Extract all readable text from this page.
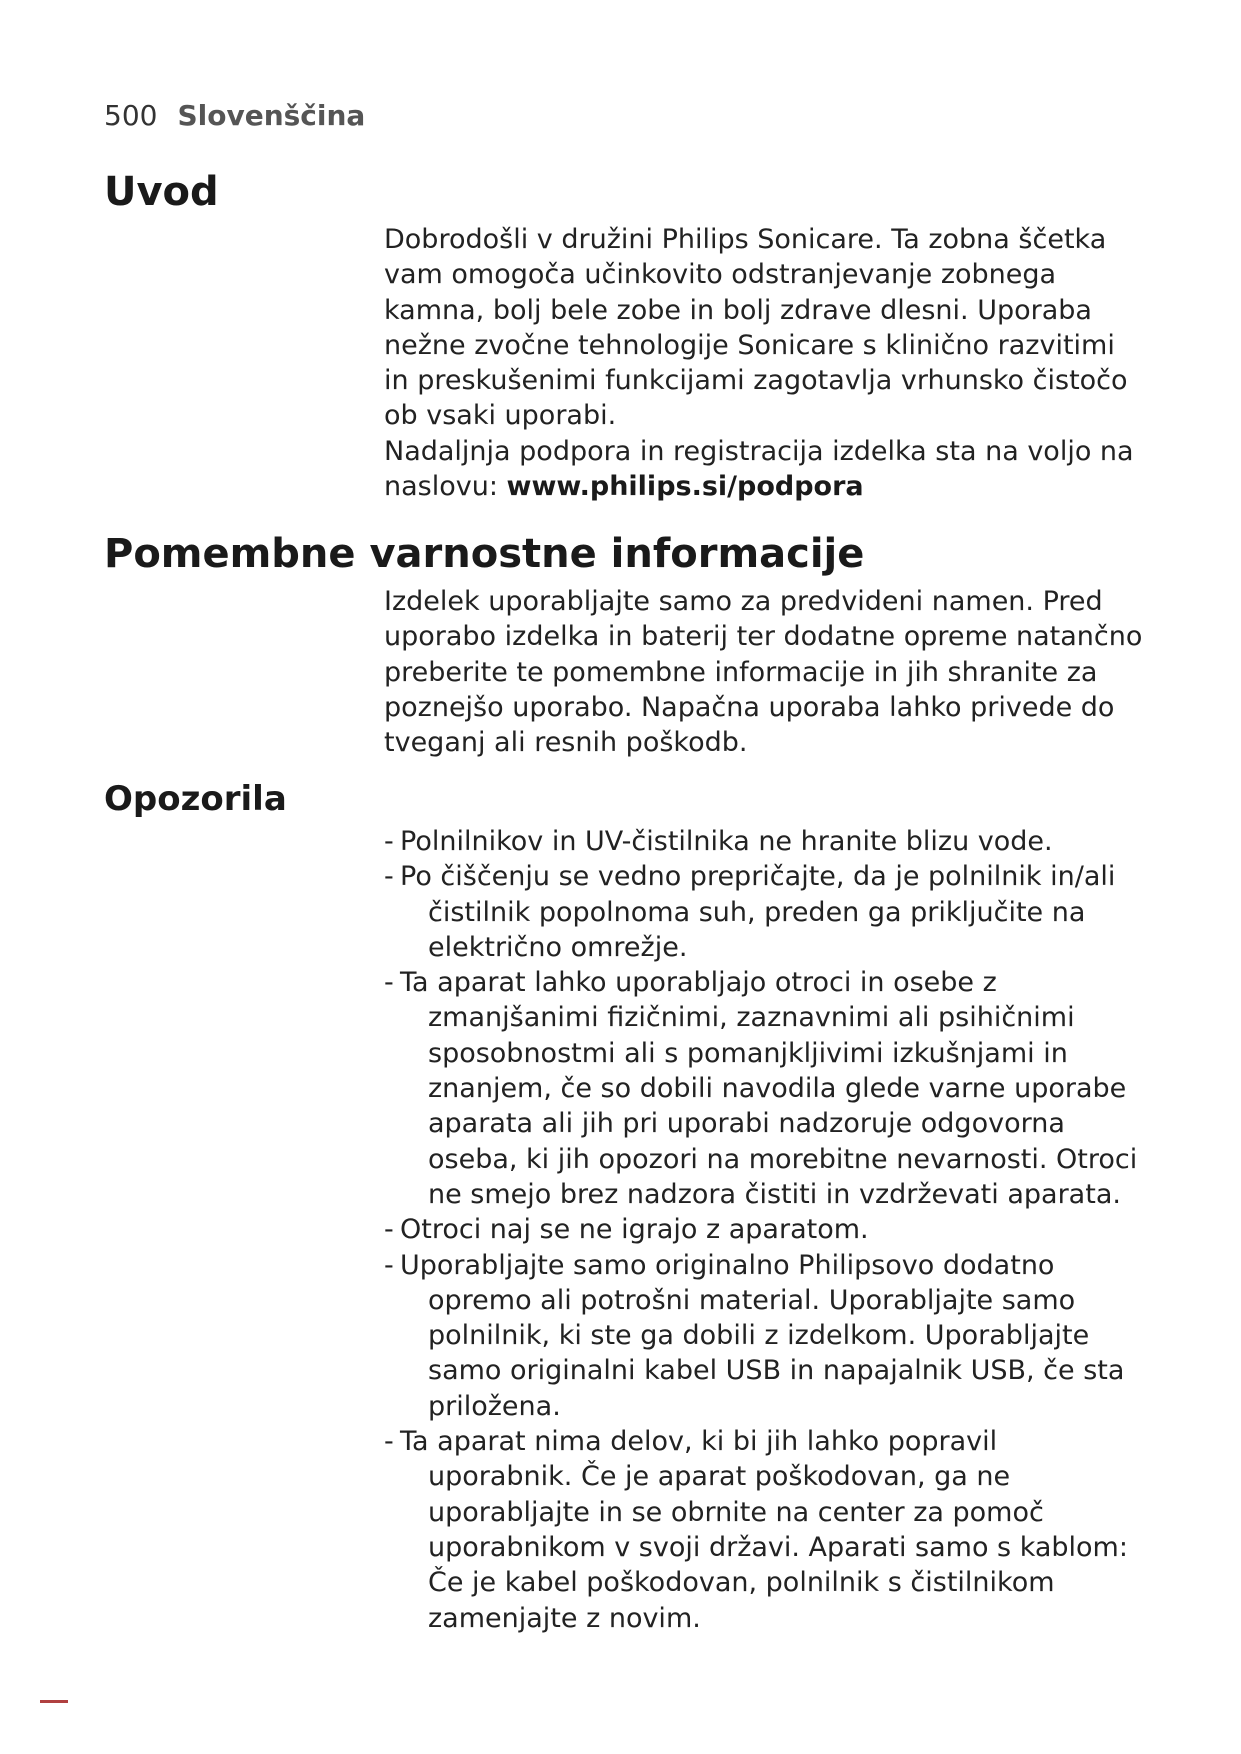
500 Slovenščina
Uvod

Dobrodošli v družini Philips Sonicare. Ta zobna ščetka vam omogoča učinkovito odstranjevanje zobnega kamna, bolj bele zobe in bolj zdrave dlesni. Uporaba nežne zvočne tehnologije Sonicare s klinično razvitimi in preskušenimi funkcijami zagotavlja vrhunsko čistočo ob vsaki uporabi.

Nadaljnja podpora in registracija izdelka sta na voljo na naslovu: www.philips.si/podpora

Pomembne varnostne informacije

Izdelek uporabljajte samo za predvideni namen. Pred uporabo izdelka in baterij ter dodatne opreme natančno preberite te pomembne informacije in jih shranite za poznejšo uporabo. Napačna uporaba lahko privede do tveganj ali resnih poškodb.

Opozorila
- Polnilnikov in UV-čistilnika ne hranite blizu vode.
- Po čiščenju se vedno prepričajte, da je polnilnik in/ali čistilnik popolnoma suh, preden ga priključite na električno omrežje.
- Ta aparat lahko uporabljajo otroci in osebe z zmanjšanimi fizičnimi, zaznavnimi ali psihičnimi sposobnostmi ali s pomanjkljivimi izkušnjami in znanjem, če so dobili navodila glede varne uporabe aparata ali jih pri uporabi nadzoruje odgovorna oseba, ki jih opozori na morebitne nevarnosti. Otroci ne smejo brez nadzora čistiti in vzdrževati aparata.
- Otroci naj se ne igrajo z aparatom.
- Uporabljajte samo originalno Philipsovo dodatno opremo ali potrošni material. Uporabljajte samo polnilnik, ki ste ga dobili z izdelkom. Uporabljajte samo originalni kabel USB in napajalnik USB, če sta priložena.
- Ta aparat nima delov, ki bi jih lahko popravil uporabnik. Če je aparat poškodovan, ga ne uporabljajte in se obrnite na center za pomoč uporabnikom v svoji državi. Aparati samo s kablom: Če je kabel poškodovan, polnilnik s čistilnikom zamenjajte z novim.
